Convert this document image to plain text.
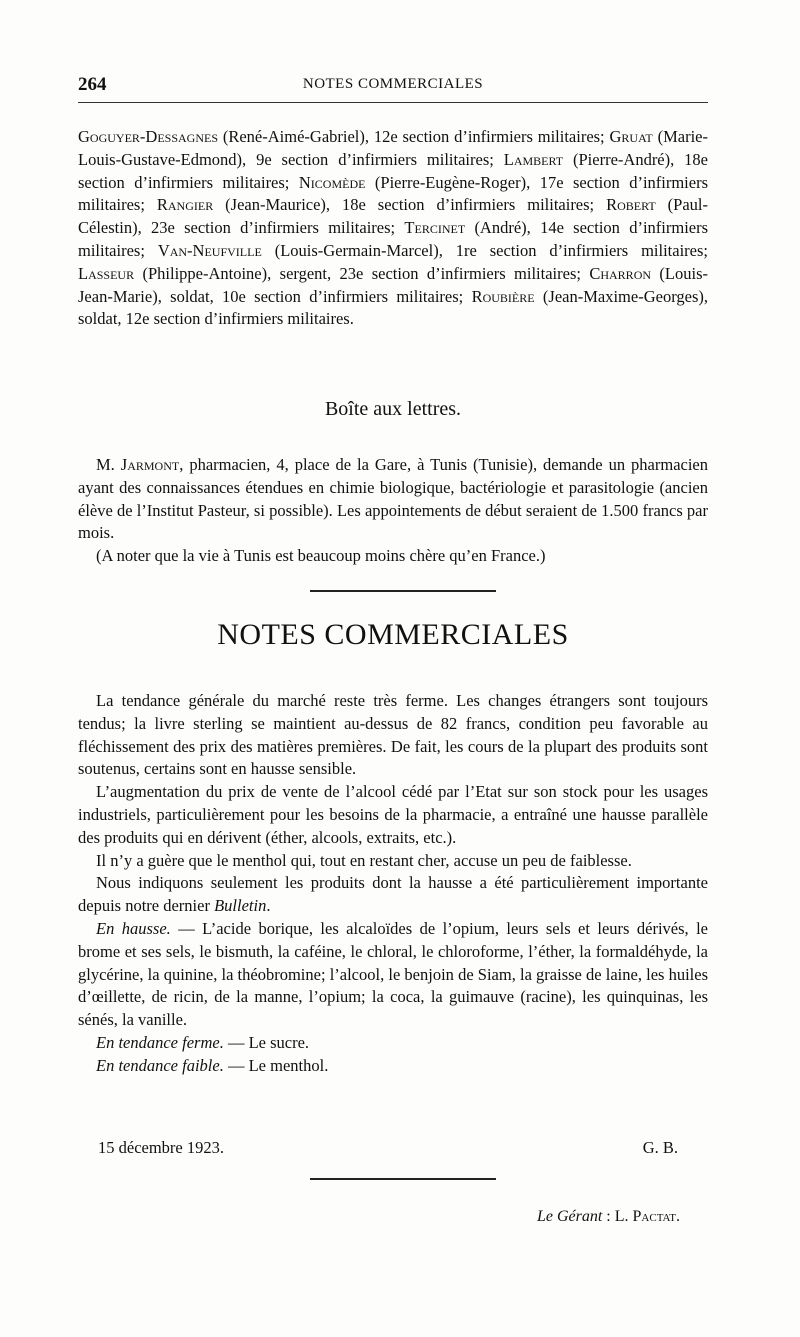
264	NOTES COMMERCIALES
Goguyer-Dessagnes (René-Aimé-Gabriel), 12e section d’infirmiers militaires; Gruat (Marie-Louis-Gustave-Edmond), 9e section d’infirmiers militaires; Lambert (Pierre-André), 18e section d’infirmiers militaires; Nicomède (Pierre-Eugène-Roger), 17e section d’infirmiers militaires; Rangier (Jean-Maurice), 18e section d’infirmiers militaires; Robert (Paul-Célestin), 23e section d’infirmiers militaires; Tercinet (André), 14e section d’infirmiers militaires; Van-Neufville (Louis-Germain-Marcel), 1re section d’infirmiers militaires; Lasseur (Philippe-Antoine), sergent, 23e section d’infirmiers militaires; Charron (Louis-Jean-Marie), soldat, 10e section d’infirmiers militaires; Roubière (Jean-Maxime-Georges), soldat, 12e section d’infirmiers militaires.
Boîte aux lettres.

M. Jarmont, pharmacien, 4, place de la Gare, à Tunis (Tunisie), demande un pharmacien ayant des connaissances étendues en chimie biologique, bactériologie et parasitologie (ancien élève de l’Institut Pasteur, si possible). Les appointements de début seraient de 1.500 francs par mois.

(A noter que la vie à Tunis est beaucoup moins chère qu’en France.)

NOTES COMMERCIALES

La tendance générale du marché reste très ferme. Les changes étrangers sont toujours tendus; la livre sterling se maintient au-dessus de 82 francs, condition peu favorable au fléchissement des prix des matières premières. De fait, les cours de la plupart des produits sont soutenus, certains sont en hausse sensible.

L’augmentation du prix de vente de l’alcool cédé par l’Etat sur son stock pour les usages industriels, particulièrement pour les besoins de la pharmacie, a entraîné une hausse parallèle des produits qui en dérivent (éther, alcools, extraits, etc.).

Il n’y a guère que le menthol qui, tout en restant cher, accuse un peu de faiblesse.

Nous indiquons seulement les produits dont la hausse a été particulièrement importante depuis notre dernier Bulletin.

En hausse. — L’acide borique, les alcaloïdes de l’opium, leurs sels et leurs dérivés, le brome et ses sels, le bismuth, la caféine, le chloral, le chloroforme, l’éther, la formaldéhyde, la glycérine, la quinine, la théobromine; l’alcool, le benjoin de Siam, la graisse de laine, les huiles d’œillette, de ricin, de la manne, l’opium; la coca, la guimauve (racine), les quinquinas, les sénés, la vanille.

En tendance ferme. — Le sucre.

En tendance faible. — Le menthol.

15 décembre 1923.	G. B.
Le Gérant : L. Pactat.
